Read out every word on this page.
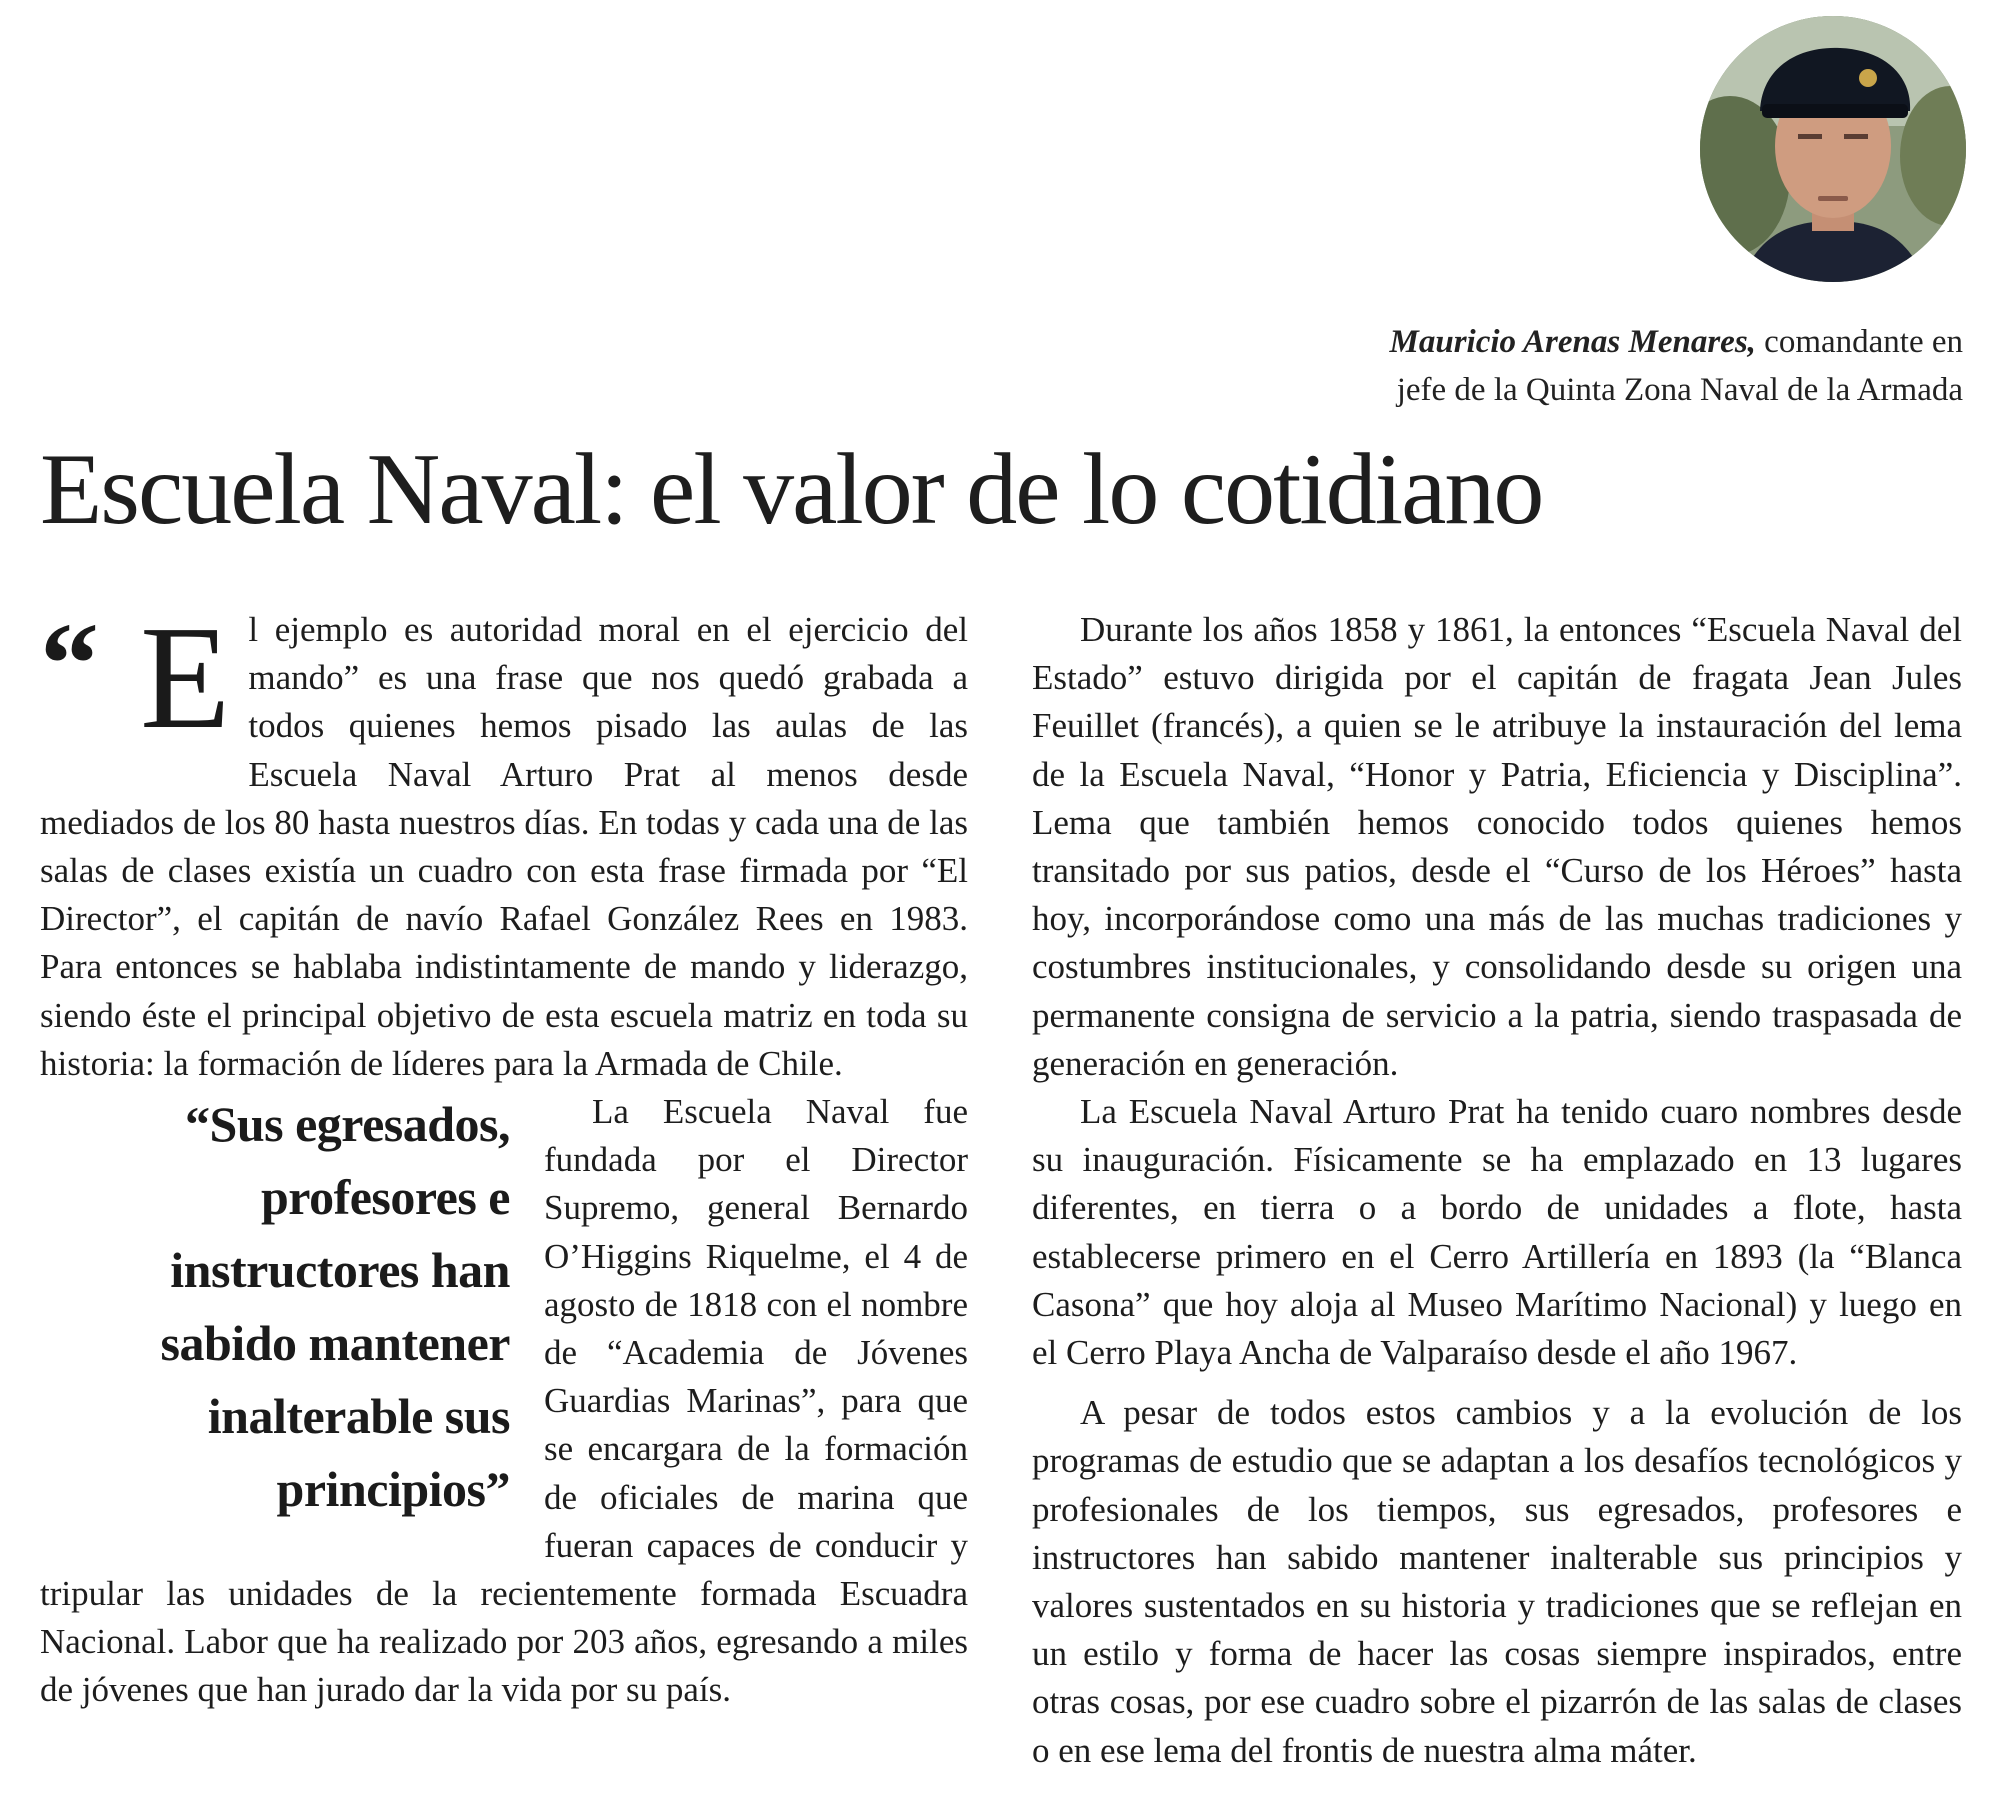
Mauricio Arenas Menares, comandante en
jefe de la Quinta Zona Naval de la Armada
Escuela Naval: el valor de lo cotidiano
“ El ejemplo es autoridad moral en el ejercicio del mando” es una frase que nos quedó grabada a todos quienes hemos pisado las aulas de las Escuela Naval Arturo Prat al menos desde mediados de los 80 hasta nuestros días. En todas y cada una de las salas de clases existía un cuadro con esta frase firmada por “El Director”, el capitán de navío Rafael González Rees en 1983. Para entonces se hablaba indistintamente de mando y liderazgo, siendo éste el principal objetivo de esta escuela matriz en toda su historia: la formación de líderes para la Armada de Chile.

“Sus egresados, profesores e instructores han sabido mantener inalterable sus principios”

La Escuela Naval fue fundada por el Director Supremo, general Bernardo O’Higgins Riquelme, el 4 de agosto de 1818 con el nombre de “Academia de Jóvenes Guardias Marinas”, para que se encargara de la formación de oficiales de marina que fueran capaces de conducir y tripular las unidades de la recientemente formada Escuadra Nacional. Labor que ha realizado por 203 años, egresando a miles de jóvenes que han jurado dar la vida por su país.

Durante los años 1858 y 1861, la entonces “Escuela Naval del Estado” estuvo dirigida por el capitán de fragata Jean Jules Feuillet (francés), a quien se le atribuye la instauración del lema de la Escuela Naval, “Honor y Patria, Eficiencia y Disciplina”. Lema que también hemos conocido todos quienes hemos transitado por sus patios, desde el “Curso de los Héroes” hasta hoy, incorporándose como una más de las muchas tradiciones y costumbres institucionales, y consolidando desde su origen una permanente consigna de servicio a la patria, siendo traspasada de generación en generación.

La Escuela Naval Arturo Prat ha tenido cuaro nombres desde su inauguración. Físicamente se ha emplazado en 13 lugares diferentes, en tierra o a bordo de unidades a flote, hasta establecerse primero en el Cerro Artillería en 1893 (la “Blanca Casona” que hoy aloja al Museo Marítimo Nacional) y luego en el Cerro Playa Ancha de Valparaíso desde el año 1967.

A pesar de todos estos cambios y a la evolución de los programas de estudio que se adaptan a los desafíos tecnológicos y profesionales de los tiempos, sus egresados, profesores e instructores han sabido mantener inalterable sus principios y valores sustentados en su historia y tradiciones que se reflejan en un estilo y forma de hacer las cosas siempre inspirados, entre otras cosas, por ese cuadro sobre el pizarrón de las salas de clases o en ese lema del frontis de nuestra alma máter.
